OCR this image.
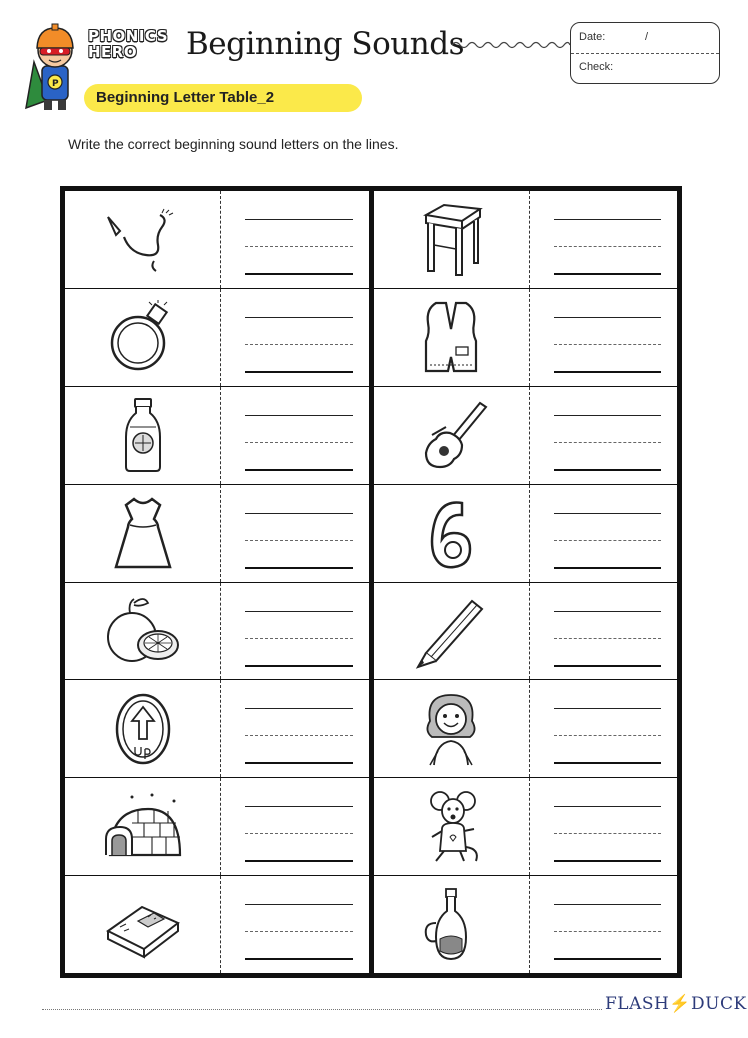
P
PHONICS
HERO	Beginning Sounds	Date:	/
Check:
Beginning Letter Table_2
Write the correct beginning sound letters on the lines.
FLASH⚡DUCK
